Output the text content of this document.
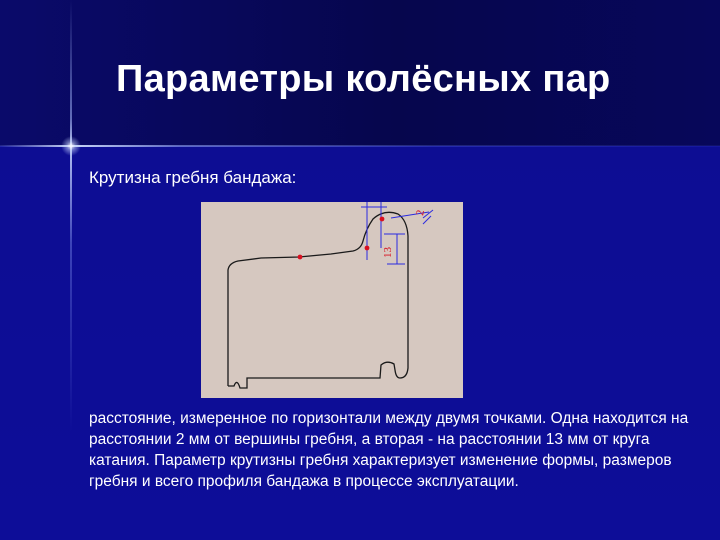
Параметры колёсных пар

Крутизна гребня бандажа:

2
13

расстояние, измеренное по горизонтали между двумя точками. Одна находится на расстоянии 2 мм от вершины гребня, а вторая - на расстоянии 13 мм от круга катания. Параметр крутизны гребня характеризует изменение формы, размеров гребня и всего профиля бандажа в процессе эксплуатации.
